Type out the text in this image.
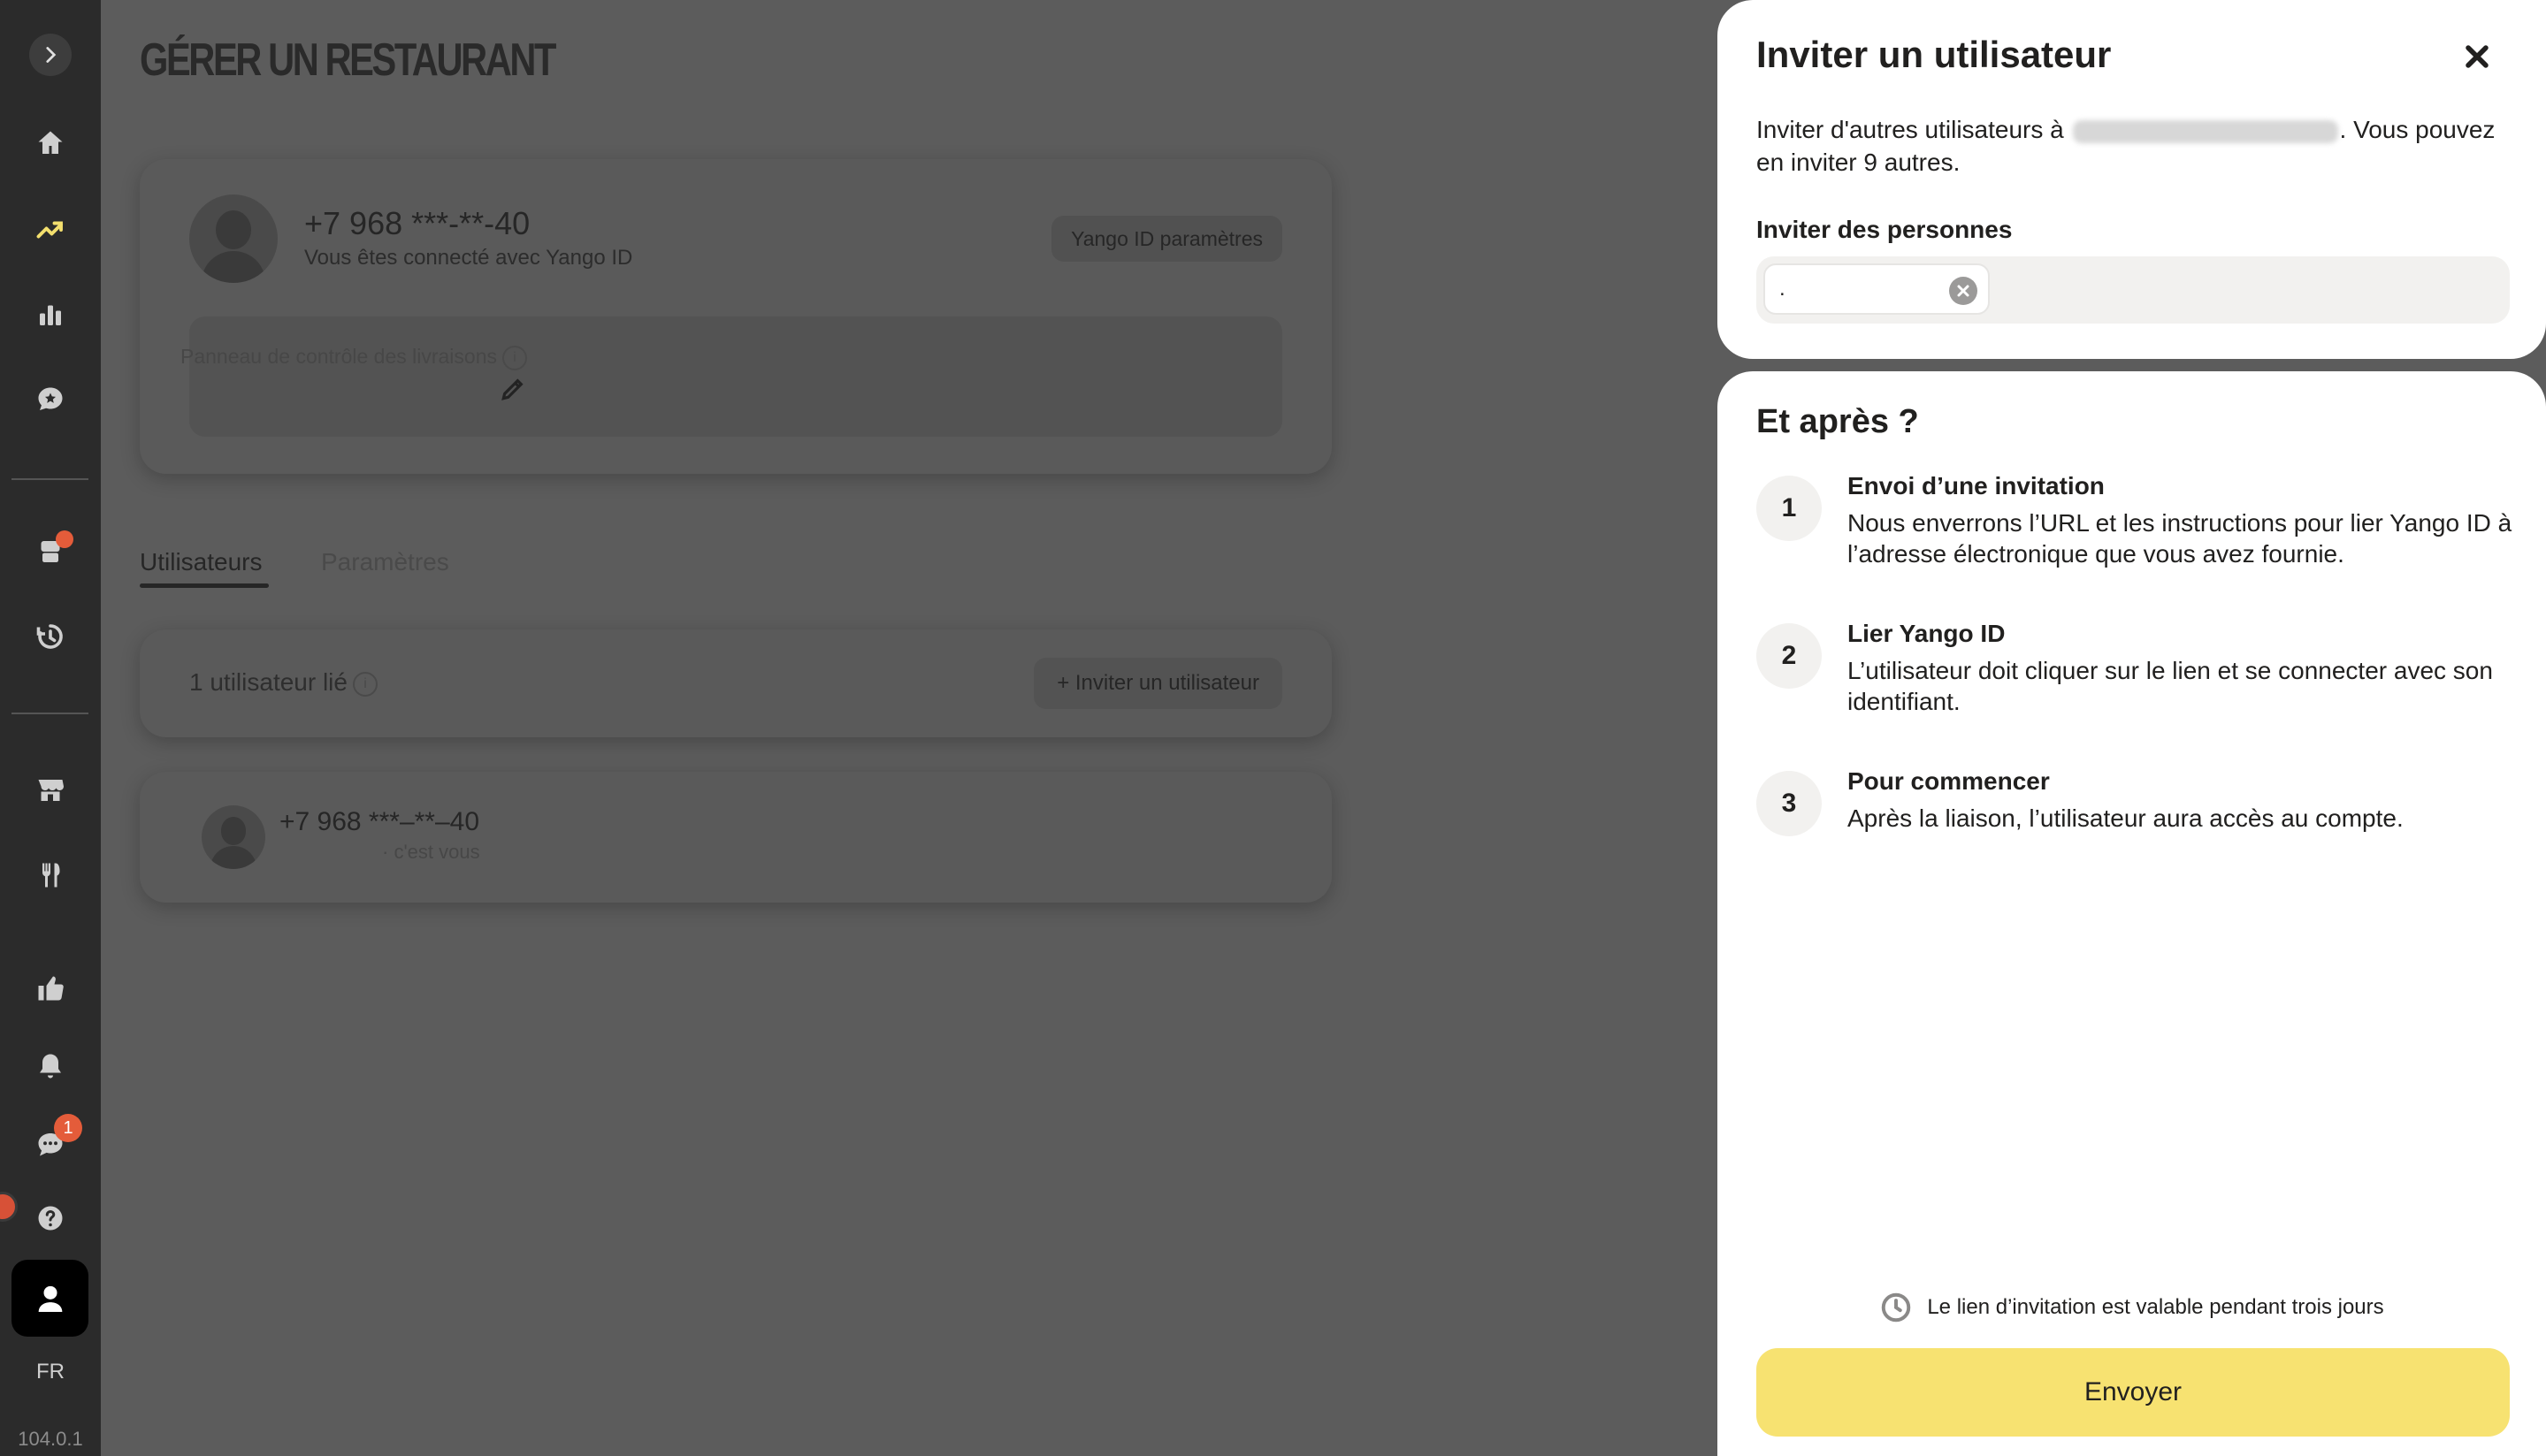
1
FR
104.0.1
GÉRER UN RESTAURANT
+7 968 ***-**-40
Vous êtes connecté avec Yango ID
Yango ID paramètres
Panneau de contrôle des livraisons i
Utilisateurs Paramètres
1 utilisateur lié i	+ Inviter un utilisateur
+7 968 ***–**–40
· c'est vous
Inviter un utilisateur

Inviter d'autres utilisateurs à	. Vous pouvez en inviter 9 autres.

Inviter des personnes
.
Et après ?
1
Envoi d’une invitation
Nous enverrons l’URL et les instructions pour lier Yango ID à l’adresse électronique que vous avez fournie.
2
Lier Yango ID
L’utilisateur doit cliquer sur le lien et se connecter avec son identifiant.
3
Pour commencer
Après la liaison, l’utilisateur aura accès au compte.
Le lien d’invitation est valable pendant trois jours
Envoyer
